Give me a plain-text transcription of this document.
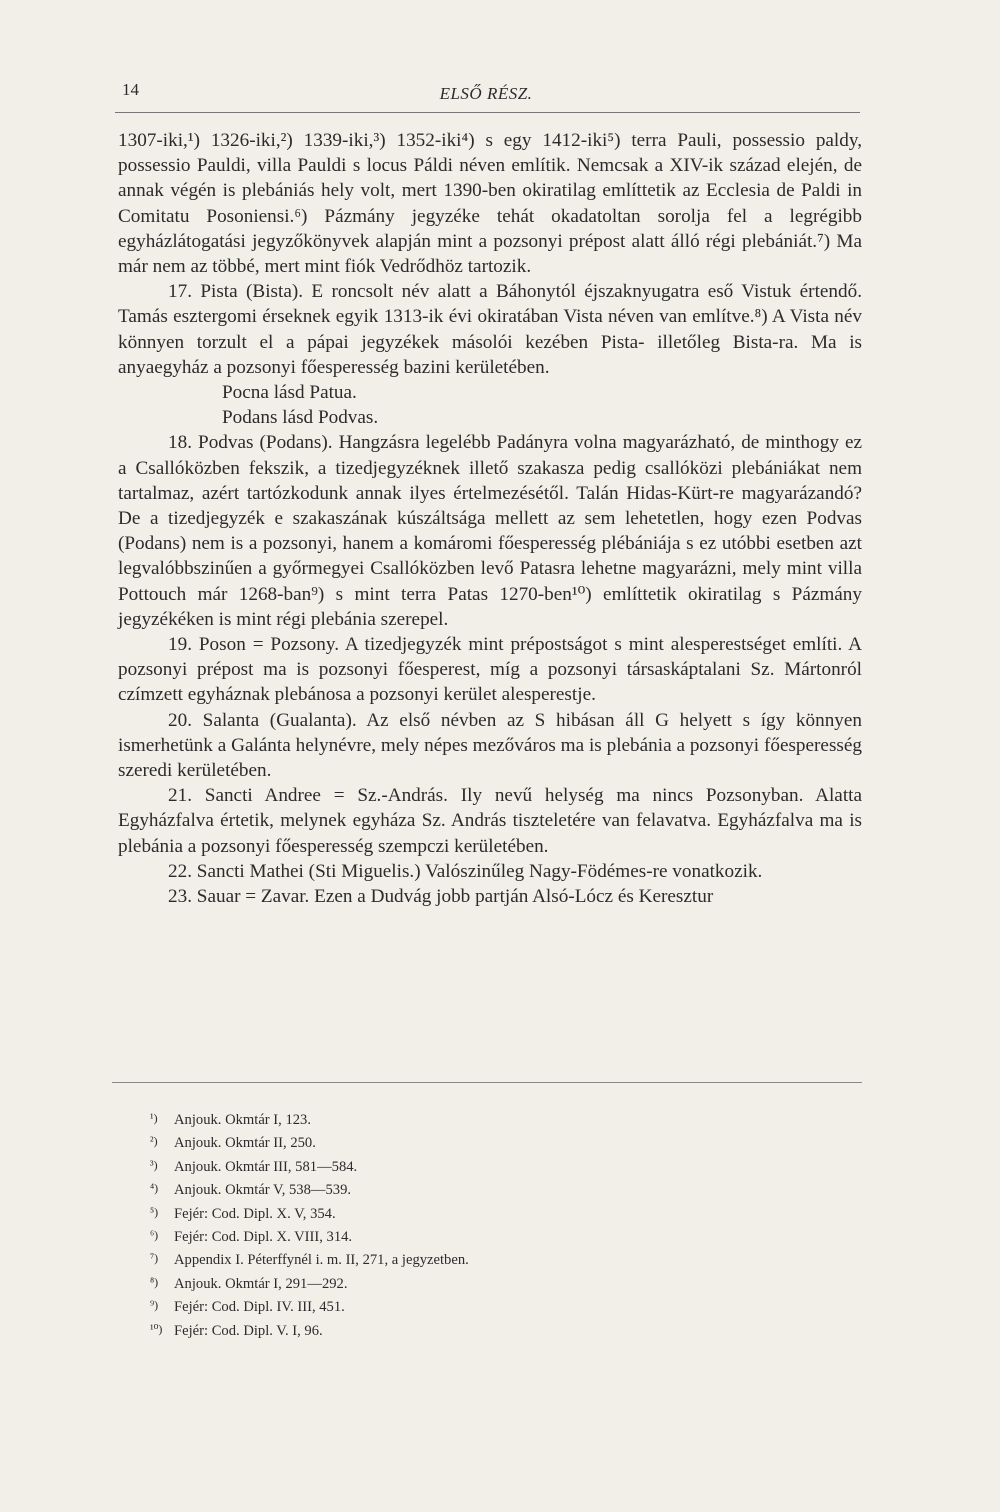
14	ELSŐ RÉSZ.

1307-iki,¹) 1326-iki,²) 1339-iki,³) 1352-iki⁴) s egy 1412-iki⁵) terra Pauli, possessio paldy, possessio Pauldi, villa Pauldi s locus Páldi néven említik. Nemcsak a XIV-ik század elején, de annak végén is plebániás hely volt, mert 1390-ben okiratilag említtetik az Ecclesia de Paldi in Comitatu Posoniensi.⁶) Pázmány jegyzéke tehát okadatoltan sorolja fel a legrégibb egyházlátogatási jegyzőkönyvek alapján mint a pozsonyi prépost alatt álló régi plebániát.⁷) Ma már nem az többé, mert mint fiók Vedrődhöz tartozik.

17. Pista (Bista). E roncsolt név alatt a Báhonytól éjszaknyugatra eső Vistuk értendő. Tamás esztergomi érseknek egyik 1313-ik évi okiratában Vista néven van említve.⁸) A Vista név könnyen torzult el a pápai jegyzékek másolói kezében Pista- illetőleg Bista-ra. Ma is anyaegyház a pozsonyi főesperesség bazini kerületében.

Pocna lásd Patua.

Podans lásd Podvas.

18. Podvas (Podans). Hangzásra legelébb Padányra volna magyarázható, de minthogy ez a Csallóközben fekszik, a tizedjegyzéknek illető szakasza pedig csallóközi plebániákat nem tartalmaz, azért tartózkodunk annak ilyes értelmezésétől. Talán Hidas-Kürt-re magyarázandó? De a tizedjegyzék e szakaszának kúszáltsága mellett az sem lehetetlen, hogy ezen Podvas (Podans) nem is a pozsonyi, hanem a komáromi főesperesség plébániája s ez utóbbi esetben azt legvalóbbszinűen a győrmegyei Csallóközben levő Patasra lehetne magyarázni, mely mint villa Pottouch már 1268-ban⁹) s mint terra Patas 1270-ben¹⁰) említtetik okiratilag s Pázmány jegyzékéken is mint régi plebánia szerepel.

19. Poson = Pozsony. A tizedjegyzék mint prépostságot s mint alesperestséget említi. A pozsonyi prépost ma is pozsonyi főesperest, míg a pozsonyi társaskáptalani Sz. Mártonról czímzett egyháznak plebánosa a pozsonyi kerület alesperestje.

20. Salanta (Gualanta). Az első névben az S hibásan áll G helyett s így könnyen ismerhetünk a Galánta helynévre, mely népes mezőváros ma is plebánia a pozsonyi főesperesség szeredi kerületében.

21. Sancti Andree = Sz.-András. Ily nevű helység ma nincs Pozsonyban. Alatta Egyházfalva értetik, melynek egyháza Sz. András tiszteletére van felavatva. Egyházfalva ma is plebánia a pozsonyi főesperesség szempczi kerületében.

22. Sancti Mathei (Sti Miguelis.) Valószinűleg Nagy-Födémes-re vonatkozik.

23. Sauar = Zavar. Ezen a Dudvág jobb partján Alsó-Lócz és Keresztur

¹) Anjouk. Okmtár I, 123.
²) Anjouk. Okmtár II, 250.
³) Anjouk. Okmtár III, 581—584.
⁴) Anjouk. Okmtár V, 538—539.
⁵) Fejér: Cod. Dipl. X. V, 354.
⁶) Fejér: Cod. Dipl. X. VIII, 314.
⁷) Appendix I. Péterffynél i. m. II, 271, a jegyzetben.
⁸) Anjouk. Okmtár I, 291—292.
⁹) Fejér: Cod. Dipl. IV. III, 451.
¹⁰) Fejér: Cod. Dipl. V. I, 96.
